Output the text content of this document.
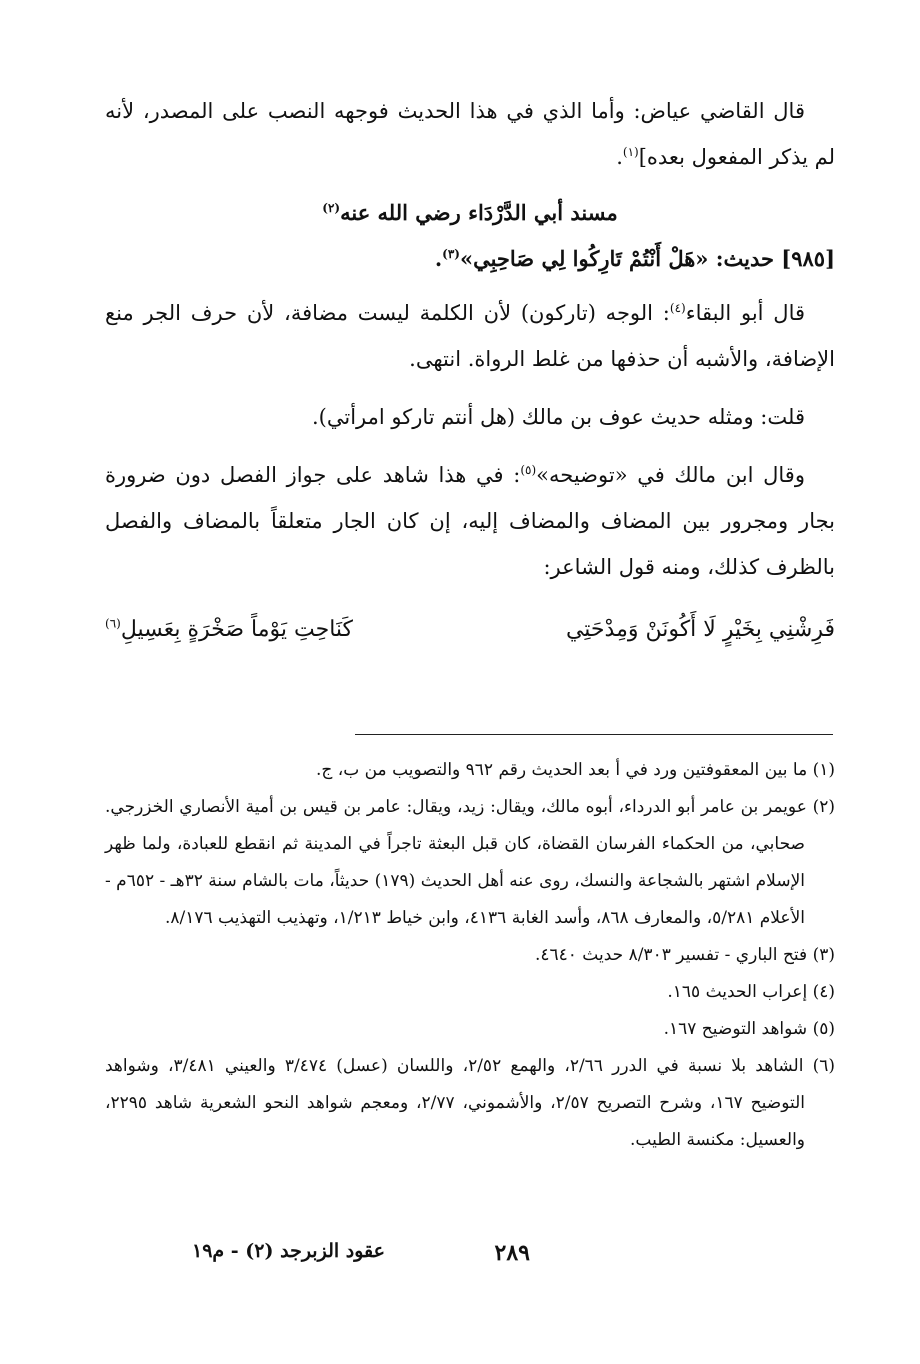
قال القاضي عياض: وأما الذي في هذا الحديث فوجهه النصب على المصدر، لأنه لم يذكر المفعول بعده]$^{(١)}$.

مسند أبي الدَّرْدَاء رضي الله عنه$^{(٢)}$

[٩٨٥] حديث: «هَلْ أَنْتُمْ تَارِكُوا لِي صَاحِبِي»$^{(٣)}$.

قال أبو البقاء$^{(٤)}$: الوجه (تاركون) لأن الكلمة ليست مضافة، لأن حرف الجر منع الإضافة، والأشبه أن حذفها من غلط الرواة. انتهى.

قلت: ومثله حديث عوف بن مالك (هل أنتم تاركو امرأتي).

وقال ابن مالك في «توضيحه»$^{(٥)}$: في هذا شاهد على جواز الفصل دون ضرورة بجار ومجرور بين المضاف والمضاف إليه، إن كان الجار متعلقاً بالمضاف والفصل بالظرف كذلك، ومنه قول الشاعر:

فَرِشْنِي بِخَيْرٍ لَا أَكُونَنْ وَمِدْحَتِي
كَنَاحِتِ يَوْماً صَخْرَةٍ بِعَسِيلِ$^{(٦)}$

(١) ما بين المعقوفتين ورد في أ بعد الحديث رقم ٩٦٢ والتصويب من ب، ج.

(٢) عويمر بن عامر أبو الدرداء، أبوه مالك، ويقال: زيد، ويقال: عامر بن قيس بن أمية الأنصاري الخزرجي. صحابي، من الحكماء الفرسان القضاة، كان قبل البعثة تاجراً في المدينة ثم انقطع للعبادة، ولما ظهر الإسلام اشتهر بالشجاعة والنسك، روى عنه أهل الحديث (١٧٩) حديثاً، مات بالشام سنة ٣٢هـ - ٦٥٢م - الأعلام ٥/٢٨١، والمعارف ٨٦٨، وأسد الغابة ٤١٣٦، وابن خياط ١/٢١٣، وتهذيب التهذيب ٨/١٧٦.

(٣) فتح الباري - تفسير ٨/٣٠٣ حديث ٤٦٤٠.

(٤) إعراب الحديث ١٦٥.

(٥) شواهد التوضيح ١٦٧.

(٦) الشاهد بلا نسبة في الدرر ٢/٦٦، والهمع ٢/٥٢، واللسان (عسل) ٣/٤٧٤ والعيني ٣/٤٨١، وشواهد التوضيح ١٦٧، وشرح التصريح ٢/٥٧، والأشموني، ٢/٧٧، ومعجم شواهد النحو الشعرية شاهد ٢٢٩٥، والعسيل: مكنسة الطيب.

عقود الزبرجد (٢) - م١٩	٢٨٩
